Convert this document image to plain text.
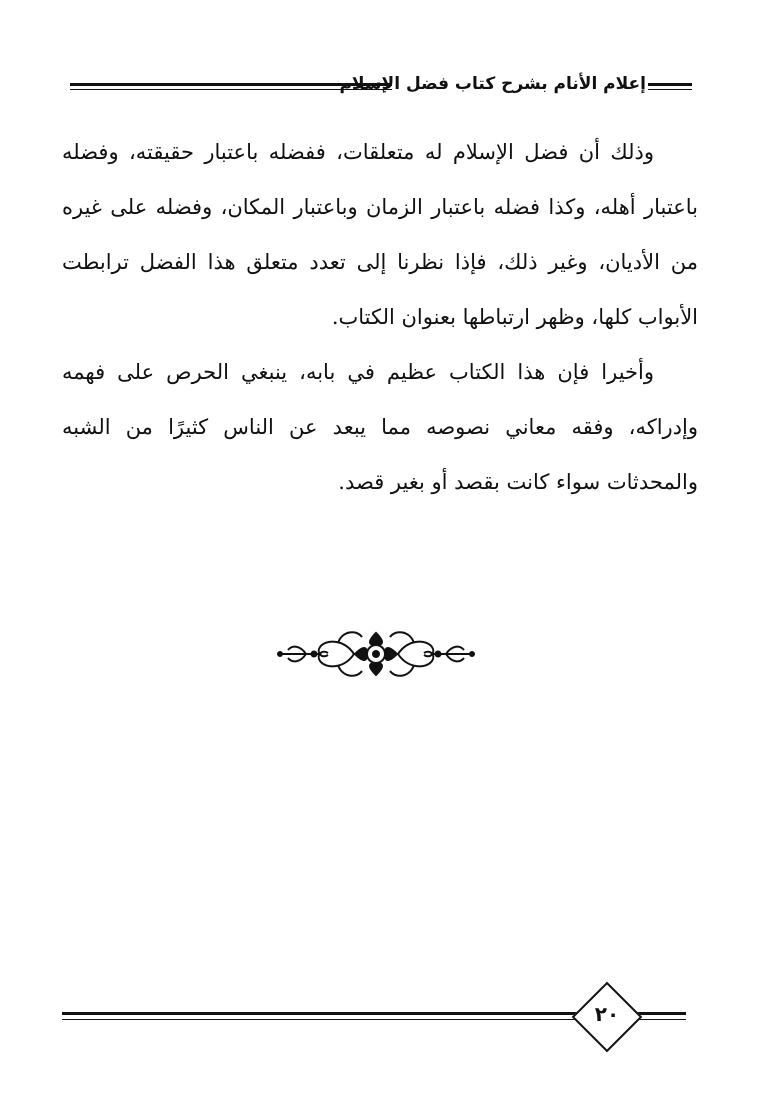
إعلام الأنام بشرح كتاب فضل الإسلام

وذلك أن فضل الإسلام له متعلقات، ففضله باعتبار حقيقته، وفضله باعتبار أهله، وكذا فضله باعتبار الزمان وباعتبار المكان، وفضله على غيره من الأديان، وغير ذلك، فإذا نظرنا إلى تعدد متعلق هذا الفضل ترابطت الأبواب كلها، وظهر ارتباطها بعنوان الكتاب.

وأخيرا فإن هذا الكتاب عظيم في بابه، ينبغي الحرص على فهمه وإدراكه، وفقه معاني نصوصه مما يبعد عن الناس كثيرًا من الشبه والمحدثات سواء كانت بقصد أو بغير قصد.

٢٠
